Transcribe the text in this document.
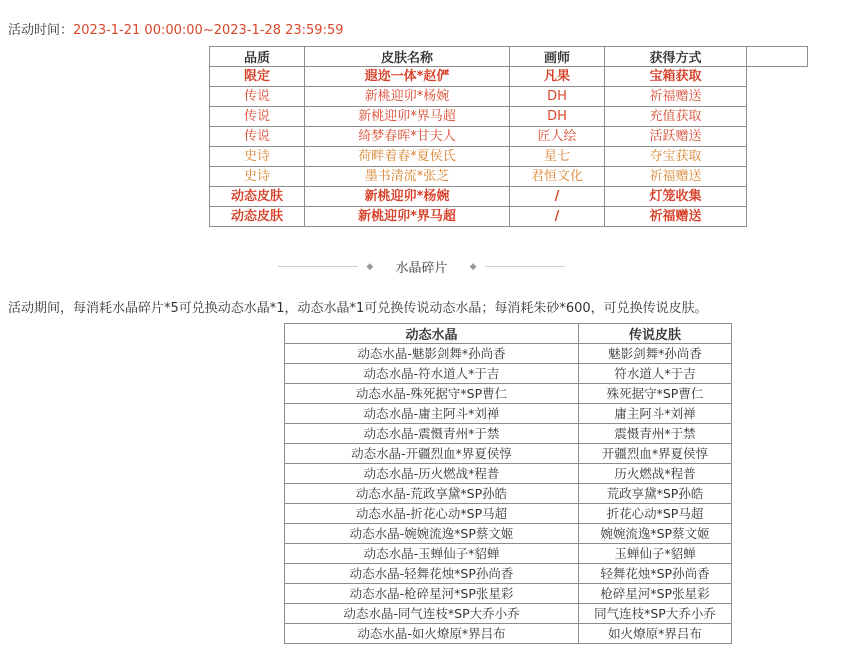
活动时间：2023-1-21 00:00:00~2023-1-28 23:59:59
品质	皮肤名称	画师	获得方式	
限定	遐迩一体*赵俨	凡果	宝箱获取	
传说	新桃迎卯*杨婉	DH	祈福赠送	
传说	新桃迎卯*界马超	DH	充值获取	
传说	绮梦春晖*甘夫人	匠人绘	活跃赠送	
史诗	荷畔着春*夏侯氏	星七	夺宝获取	
史诗	墨书清流*张芝	君恒文化	祈福赠送	
动态皮肤	新桃迎卯*杨婉	/	灯笼收集	
动态皮肤	新桃迎卯*界马超	/	祈福赠送	
◆ 水晶碎片 ◆
活动期间，每消耗水晶碎片*5可兑换动态水晶*1，动态水晶*1可兑换传说动态水晶；每消耗朱砂*600，可兑换传说皮肤。
动态水晶	传说皮肤
动态水晶-魅影剑舞*孙尚香	魅影剑舞*孙尚香
动态水晶-符水道人*于吉	符水道人*于吉
动态水晶-殊死据守*SP曹仁	殊死据守*SP曹仁
动态水晶-庸主阿斗*刘禅	庸主阿斗*刘禅
动态水晶-震慑青州*于禁	震慑青州*于禁
动态水晶-开疆烈血*界夏侯惇	开疆烈血*界夏侯惇
动态水晶-历火燃战*程普	历火燃战*程普
动态水晶-荒政享黛*SP孙皓	荒政享黛*SP孙皓
动态水晶-折花心动*SP马超	折花心动*SP马超
动态水晶-婉婉流逸*SP蔡文姬	婉婉流逸*SP蔡文姬
动态水晶-玉蝉仙子*貂蝉	玉蝉仙子*貂蝉
动态水晶-轻舞花烛*SP孙尚香	轻舞花烛*SP孙尚香
动态水晶-枪碎星河*SP张星彩	枪碎星河*SP张星彩
动态水晶-同气连枝*SP大乔小乔	同气连枝*SP大乔小乔
动态水晶-如火燎原*界吕布	如火燎原*界吕布
